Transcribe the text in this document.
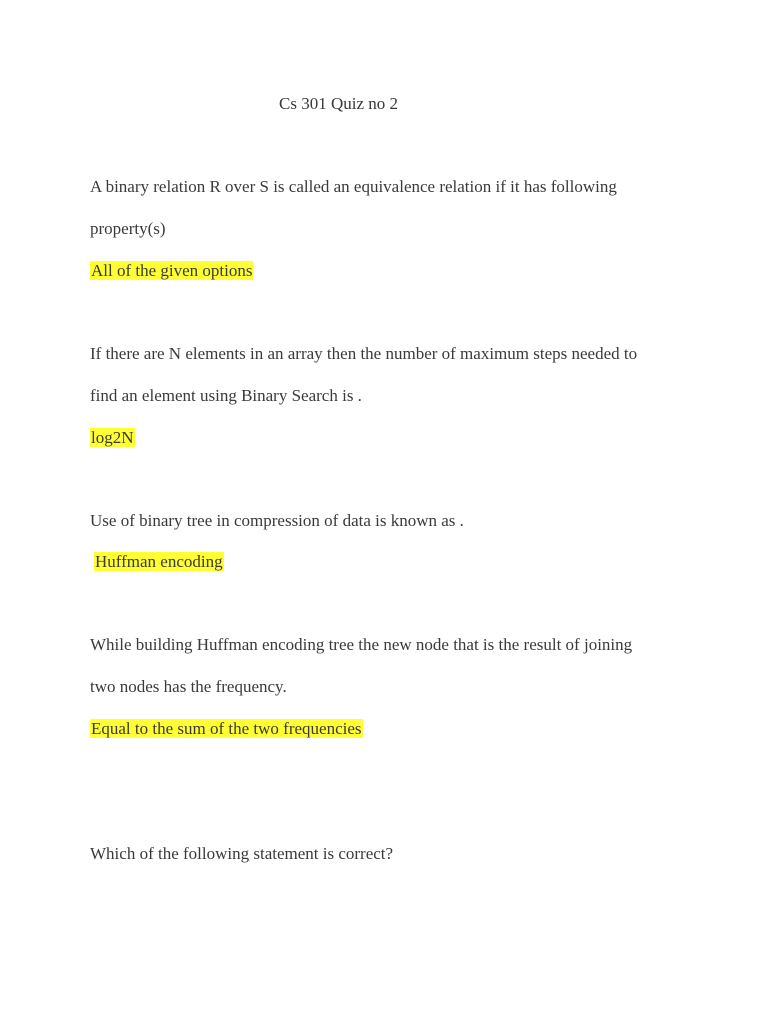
Cs 301 Quiz no 2
A binary relation R over S is called an equivalence relation if it has following
property(s)
All of the given options
If there are N elements in an array then the number of maximum steps needed to
find an element using Binary Search is .
log2N
Use of binary tree in compression of data is known as .
Huffman encoding
While building Huffman encoding tree the new node that is the result of joining
two nodes has the frequency.
Equal to the sum of the two frequencies
Which of the following statement is correct?
